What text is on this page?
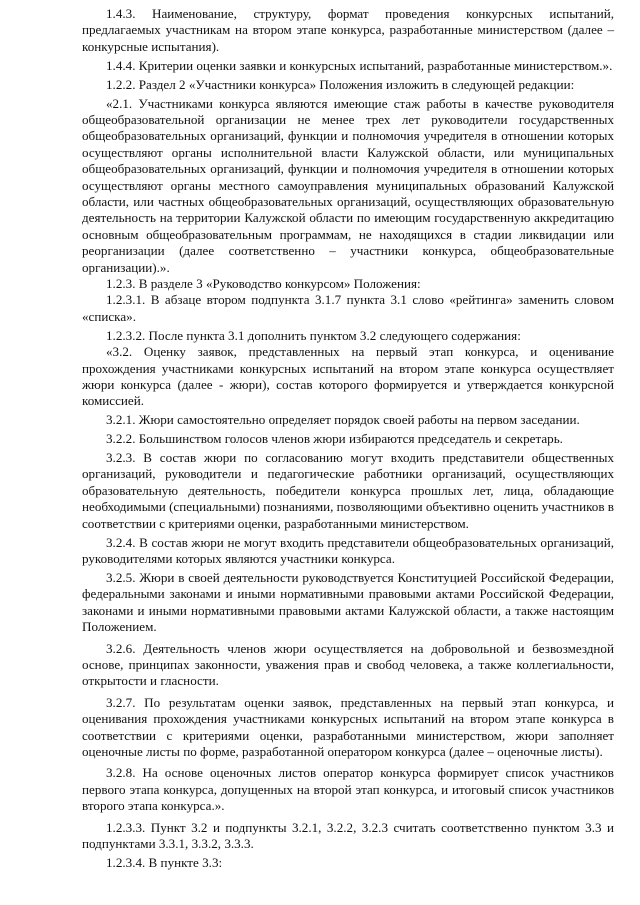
1.4.3. Наименование, структуру, формат проведения конкурсных испытаний, предлагаемых участникам на втором этапе конкурса, разработанные министерством (далее – конкурсные испытания).

1.4.4. Критерии оценки заявки и конкурсных испытаний, разработанные министерством.».

1.2.2. Раздел 2 «Участники конкурса» Положения изложить в следующей редакции:

«2.1. Участниками конкурса являются имеющие стаж работы в качестве руководителя общеобразовательной организации не менее трех лет руководители государственных общеобразовательных организаций, функции и полномочия учредителя в отношении которых осуществляют органы исполнительной власти Калужской области, или муниципальных общеобразовательных организаций, функции и полномочия учредителя в отношении которых осуществляют органы местного самоуправления муниципальных образований Калужской области, или частных общеобразовательных организаций, осуществляющих образовательную деятельность на территории Калужской области по имеющим государственную аккредитацию основным общеобразовательным программам, не находящихся в стадии ликвидации или реорганизации (далее соответственно – участники конкурса, общеобразовательные организации).».

1.2.3. В разделе 3 «Руководство конкурсом» Положения:

1.2.3.1. В абзаце втором подпункта 3.1.7 пункта 3.1 слово «рейтинга» заменить словом «списка».

1.2.3.2. После пункта 3.1 дополнить пунктом 3.2 следующего содержания:

«3.2. Оценку заявок, представленных на первый этап конкурса, и оценивание прохождения участниками конкурсных испытаний на втором этапе конкурса осуществляет жюри конкурса (далее - жюри), состав которого формируется и утверждается конкурсной комиссией.

3.2.1. Жюри самостоятельно определяет порядок своей работы на первом заседании.

3.2.2. Большинством голосов членов жюри избираются председатель и секретарь.

3.2.3. В состав жюри по согласованию могут входить представители общественных организаций, руководители и педагогические работники организаций, осуществляющих образовательную деятельность, победители конкурса прошлых лет, лица, обладающие необходимыми (специальными) познаниями, позволяющими объективно оценить участников в соответствии с критериями оценки, разработанными министерством.

3.2.4. В состав жюри не могут входить представители общеобразовательных организаций, руководителями которых являются участники конкурса.

3.2.5. Жюри в своей деятельности руководствуется Конституцией Российской Федерации, федеральными законами и иными нормативными правовыми актами Российской Федерации, законами и иными нормативными правовыми актами Калужской области, а также настоящим Положением.

3.2.6. Деятельность членов жюри осуществляется на добровольной и безвозмездной основе, принципах законности, уважения прав и свобод человека, а также коллегиальности, открытости и гласности.

3.2.7. По результатам оценки заявок, представленных на первый этап конкурса, и оценивания прохождения участниками конкурсных испытаний на втором этапе конкурса в соответствии с критериями оценки, разработанными министерством, жюри заполняет оценочные листы по форме, разработанной оператором конкурса (далее – оценочные листы).

3.2.8. На основе оценочных листов оператор конкурса формирует список участников первого этапа конкурса, допущенных на второй этап конкурса, и итоговый список участников второго этапа конкурса.».

1.2.3.3. Пункт 3.2 и подпункты 3.2.1, 3.2.2, 3.2.3 считать соответственно пунктом 3.3 и подпунктами 3.3.1, 3.3.2, 3.3.3.

1.2.3.4. В пункте 3.3:
